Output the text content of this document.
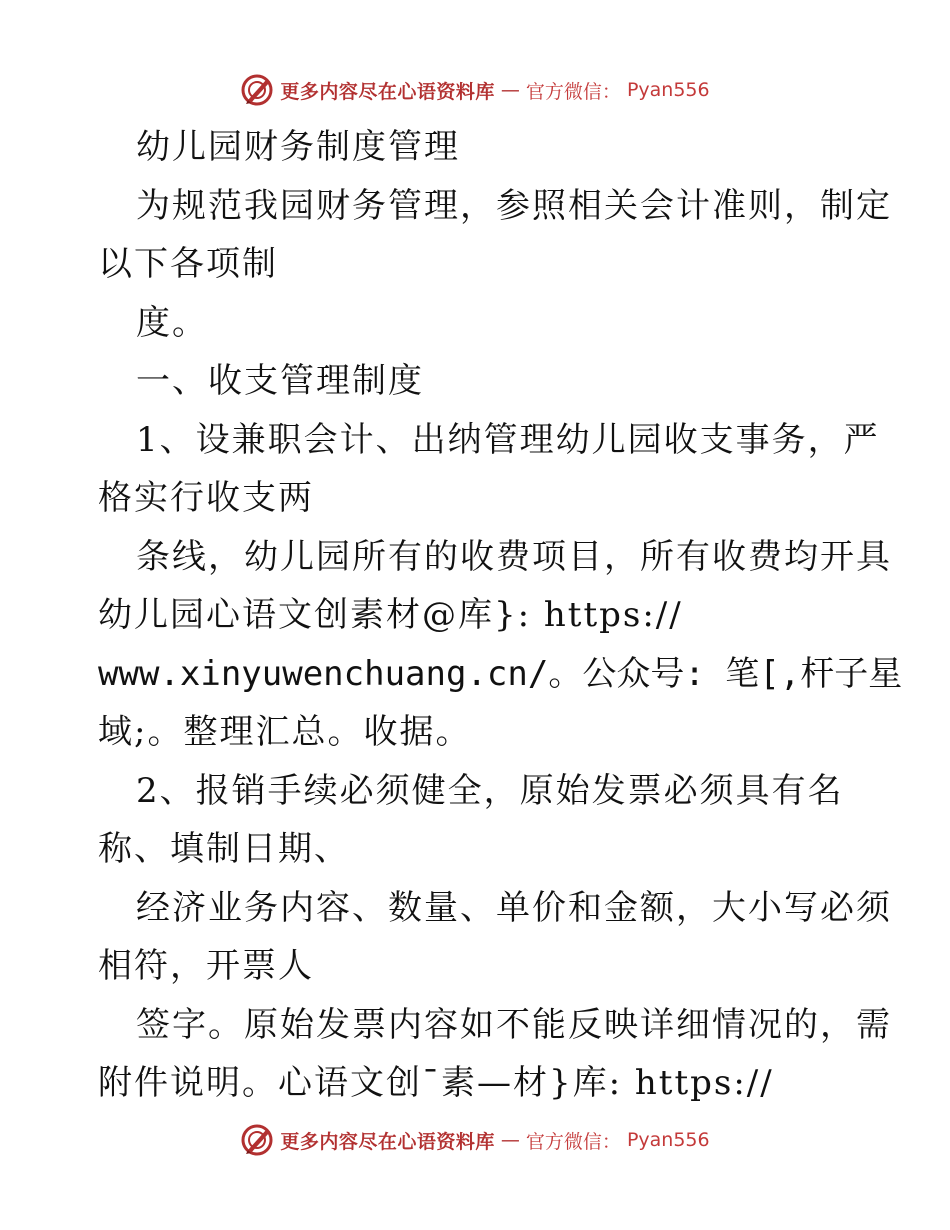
更多内容尽在心语资料库 — 官方微信： Pyan556
幼儿园财务制度管理
为规范我园财务管理，参照相关会计准则，制定
以下各项制
度。
一、收支管理制度
1、设兼职会计、出纳管理幼儿园收支事务，严
格实行收支两
条线，幼儿园所有的收费项目，所有收费均开具
幼儿园心语文创素材@库}: https://
www.xinyuwenchuang.cn/。公众号: 笔[,杆子星
域;。整理汇总。收据。
2、报销手续必须健全，原始发票必须具有名
称、填制日期、
经济业务内容、数量、单价和金额，大小写必须
相符，开票人
签字。原始发票内容如不能反映详细情况的，需
附件说明。心语文创¯素—材}库: https://
更多内容尽在心语资料库 — 官方微信： Pyan556
